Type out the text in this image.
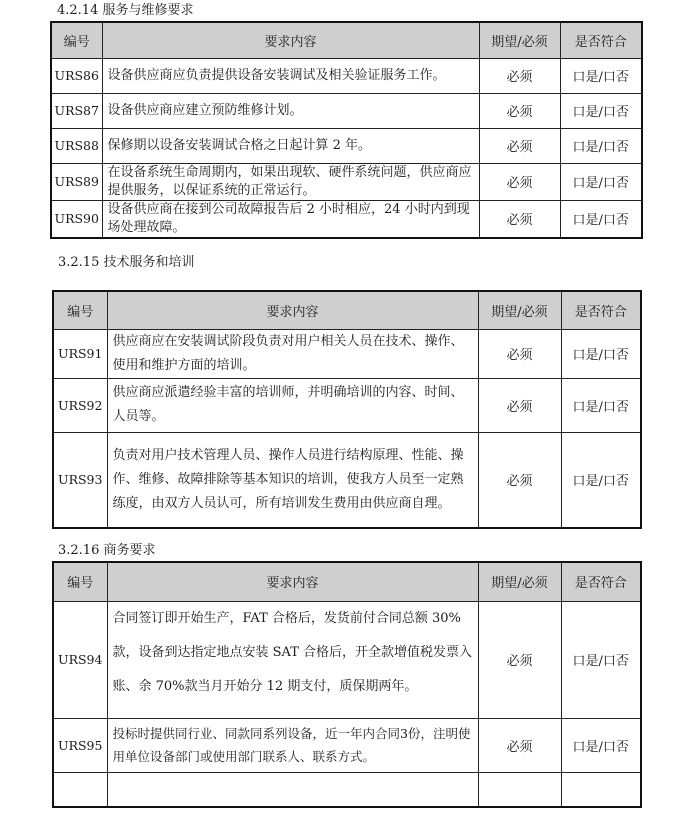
4.2.14 服务与维修要求
编号	要求内容	期望/必须	是否符合
URS86	设备供应商应负责提供设备安装调试及相关验证服务工作。	必须	口是/口否
URS87	设备供应商应建立预防维修计划。	必须	口是/口否
URS88	保修期以设备安装调试合格之日起计算 2 年。	必须	口是/口否
URS89	在设备系统生命周期内，如果出现软、硬件系统问题，供应商应提供服务，以保证系统的正常运行。	必须	口是/口否
URS90	设备供应商在接到公司故障报告后 2 小时相应，24 小时内到现场处理故障。	必须	口是/口否
3.2.15 技术服务和培训
编号	要求内容	期望/必须	是否符合
URS91	供应商应在安装调试阶段负责对用户相关人员在技术、操作、使用和维护方面的培训。	必须	口是/口否
URS92	供应商应派遣经验丰富的培训师，并明确培训的内容、时间、人员等。	必须	口是/口否
URS93	负责对用户技术管理人员、操作人员进行结构原理、性能、操作、维修、故障排除等基本知识的培训，使我方人员至一定熟练度，由双方人员认可，所有培训发生费用由供应商自理。	必须	口是/口否
3.2.16 商务要求
编号	要求内容	期望/必须	是否符合
URS94	合同签订即开始生产，FAT 合格后，发货前付合同总额 30%款，设备到达指定地点安装 SAT 合格后，开全款增值税发票入账、余 70%款当月开始分 12 期支付，质保期两年。	必须	口是/口否
URS95	投标时提供同行业、同款同系列设备，近一年内合同3份，注明使用单位设备部门或使用部门联系人、联系方式。	必须	口是/口否
